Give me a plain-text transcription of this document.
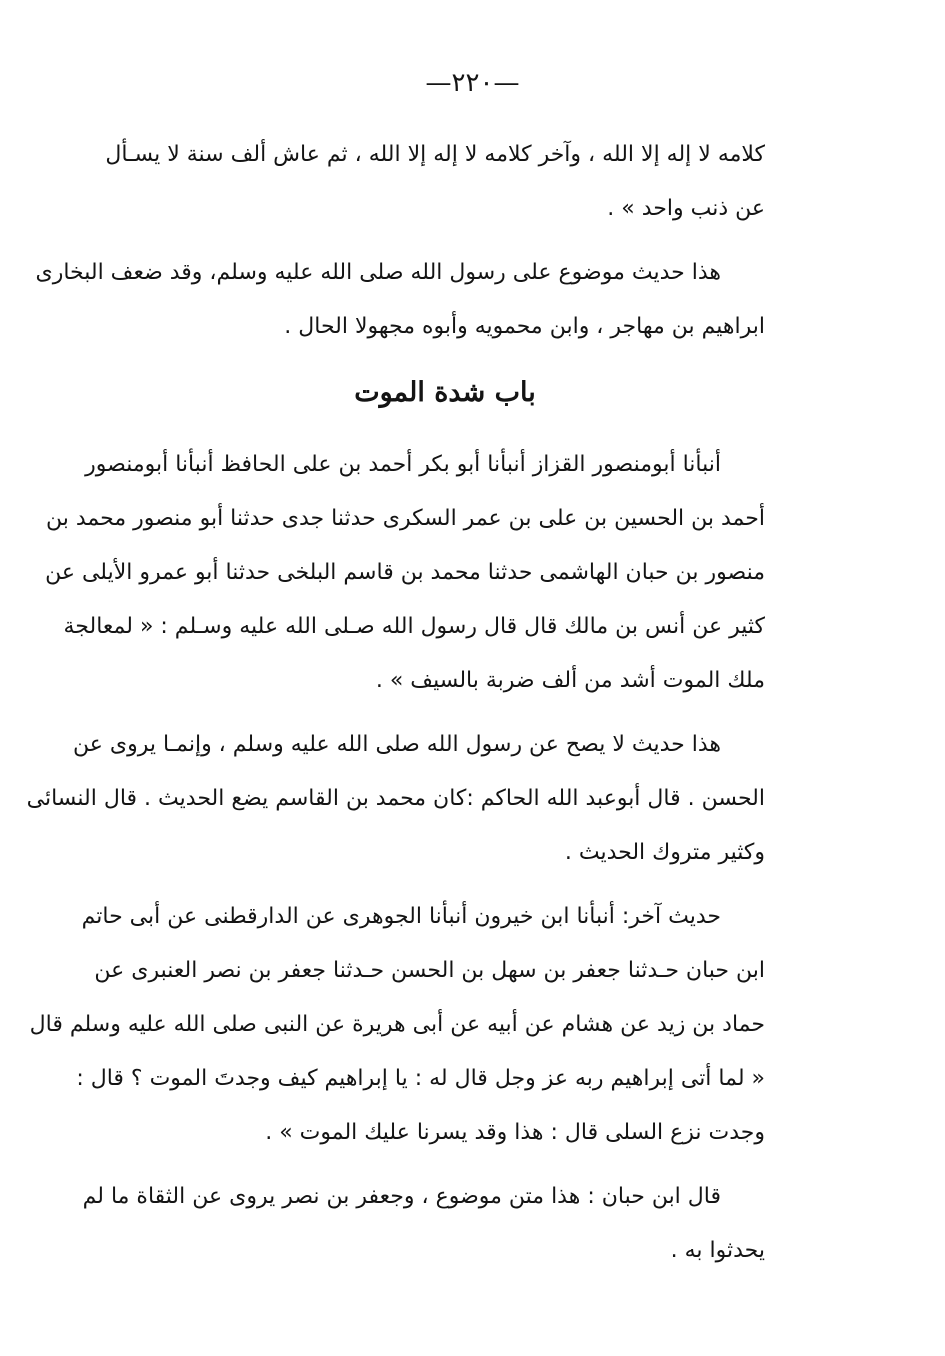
—٢٢٠—
كلامه لا إله إلا الله ، وآخر كلامه لا إله إلا الله ، ثم عاش ألف سنة لا يسـأل
عن ذنب واحد » .
هذا حديث موضوع على رسول الله صلى الله عليه وسلم، وقد ضعف البخارى
ابراهيم بن مهاجر ، وابن محمويه وأبوه مجهولا الحال .
باب شدة الموت
أنبأنا أبومنصور القزاز أنبأنا أبو بكر أحمد بن على الحافظ أنبأنا أبومنصور
أحمد بن الحسين بن على بن عمر السكرى حدثنا جدى حدثنا أبو منصور محمد بن
منصور بن حبان الهاشمى حدثنا محمد بن قاسم البلخى حدثنا أبو عمرو الأيلى عن
كثير عن أنس بن مالك قال قال رسول الله صـلى الله عليه وسـلم : « لمعالجة
ملك الموت أشد من ألف ضربة بالسيف » .
هذا حديث لا يصح عن رسول الله صلى الله عليه وسلم ، وإنمـا يروى عن
الحسن . قال أبوعبد الله الحاكم :كان محمد بن القاسم يضع الحديث . قال النسائى
وكثير متروك الحديث .
حديث آخر: أنبأنا ابن خيرون أنبأنا الجوهرى عن الدارقطنى عن أبى حاتم
ابن حبان حـدثنا جعفر بن سهل بن الحسن حـدثنا جعفر بن نصر العنبرى عن
حماد بن زيد عن هشام عن أبيه عن أبى هريرة عن النبى صلى الله عليه وسلم قال
« لما أتى إبراهيم ربه عز وجل قال له : يا إبراهيم كيف وجدتَ الموت ؟ قال :
وجدت نزع السلى قال : هذا وقد يسرنا عليك الموت » .
قال ابن حبان : هذا متن موضوع ، وجعفر بن نصر يروى عن الثقاة ما لم
يحدثوا به .
